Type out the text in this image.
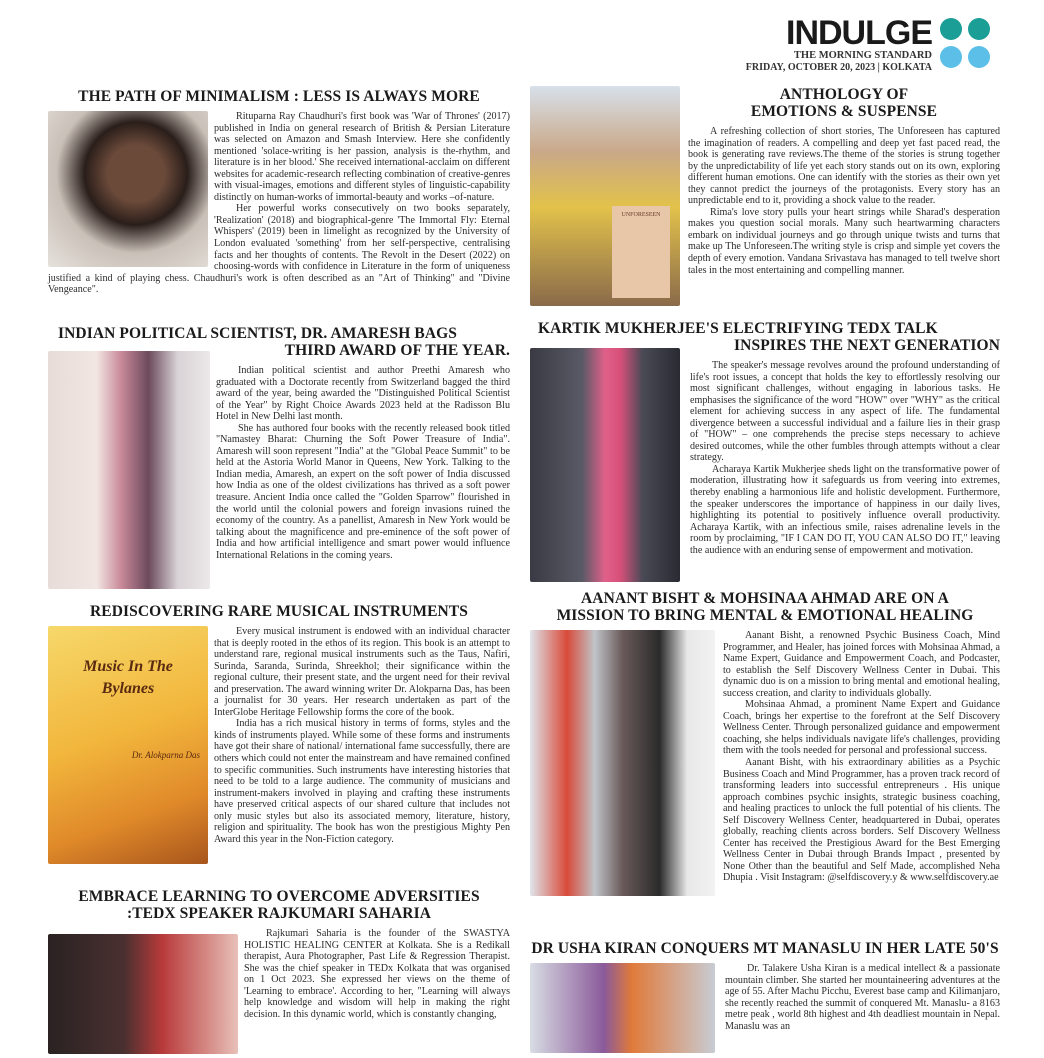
INDULGE
THE MORNING STANDARD
FRIDAY, OCTOBER 20, 2023 | KOLKATA
THE PATH OF MINIMALISM : LESS IS ALWAYS MORE

Rituparna Ray Chaudhuri's first book was 'War of Thrones' (2017) published in India on general research of British & Persian Literature was selected on Amazon and Smash Interview. Here she confidently mentioned 'solace-writing is her passion, analysis is the-rhythm, and literature is in her blood.' She received international-acclaim on different websites for academic-research reflecting combination of creative-genres with visual-images, emotions and different styles of linguistic-capability distinctly on human-works of immortal-beauty and works –of-nature.

Her powerful works consecutively on two books separately, 'Realization' (2018) and biographical-genre 'The Immortal Fly: Eternal Whispers' (2019) been in limelight as recognized by the University of London evaluated 'something' from her self-perspective, centralising facts and her thoughts of contents. The Revolt in the Desert (2022) on choosing-words with confidence in Literature in the form of uniqueness justified a kind of playing chess. Chaudhuri's work is often described as an "Art of Thinking" and "Divine Vengeance".

INDIAN POLITICAL SCIENTIST, DR. AMARESH BAGS
THIRD AWARD OF THE YEAR.

Indian political scientist and author Preethi Amaresh who graduated with a Doctorate recently from Switzerland bagged the third award of the year, being awarded the "Distinguished Political Scientist of the Year" by Right Choice Awards 2023 held at the Radisson Blu Hotel in New Delhi last month.

She has authored four books with the recently released book titled "Namastey Bharat: Churning the Soft Power Treasure of India". Amaresh will soon represent "India" at the "Global Peace Summit" to be held at the Astoria World Manor in Queens, New York. Talking to the Indian media, Amaresh, an expert on the soft power of India discussed how India as one of the oldest civilizations has thrived as a soft power treasure. Ancient India once called the "Golden Sparrow" flourished in the world until the colonial powers and foreign invasions ruined the economy of the country. As a panellist, Amaresh in New York would be talking about the magnificence and pre-eminence of the soft power of India and how artificial intelligence and smart power would influence International Relations in the coming years.

REDISCOVERING RARE MUSICAL INSTRUMENTS
Music In The
Bylanes
Dr. Alokparna Das

Every musical instrument is endowed with an individual character that is deeply rooted in the ethos of its region. This book is an attempt to understand rare, regional musical instruments such as the Taus, Nafiri, Surinda, Saranda, Surinda, Shreekhol; their significance within the regional culture, their present state, and the urgent need for their revival and preservation. The award winning writer Dr. Alokparna Das, has been a journalist for 30 years. Her research undertaken as part of the InterGlobe Heritage Fellowship forms the core of the book.

India has a rich musical history in terms of forms, styles and the kinds of instruments played. While some of these forms and instruments have got their share of national/ international fame successfully, there are others which could not enter the mainstream and have remained confined to specific communities. Such instruments have interesting histories that need to be told to a large audience. The community of musicians and instrument-makers involved in playing and crafting these instruments have preserved critical aspects of our shared culture that includes not only music styles but also its associated memory, literature, history, religion and spirituality. The book has won the prestigious Mighty Pen Award this year in the Non-Fiction category.

EMBRACE LEARNING TO OVERCOME ADVERSITIES
:TEDX SPEAKER RAJKUMARI SAHARIA

Rajkumari Saharia is the founder of the SWASTYA HOLISTIC HEALING CENTER at Kolkata. She is a Redikall therapist, Aura Photographer, Past Life & Regression Therapist. She was the chief speaker in TEDx Kolkata that was organised on 1 Oct 2023. She expressed her views on the theme of 'Learning to embrace'. According to her, "Learning will always help knowledge and wisdom will help in making the right decision. In this dynamic world, which is constantly changing,

UNFORESEEN
ANTHOLOGY OF
EMOTIONS & SUSPENSE

A refreshing collection of short stories, The Unforeseen has captured the imagination of readers. A compelling and deep yet fast paced read, the book is generating rave reviews.The theme of the stories is strung together by the unpredictability of life yet each story stands out on its own, exploring different human emotions. One can identify with the stories as their own yet they cannot predict the journeys of the protagonists. Every story has an unpredictable end to it, providing a shock value to the reader.

Rima's love story pulls your heart strings while Sharad's desperation makes you question social morals. Many such heartwarming characters embark on individual journeys and go through unique twists and turns that make up The Unforeseen.The writing style is crisp and simple yet covers the depth of every emotion. Vandana Srivastava has managed to tell twelve short tales in the most entertaining and compelling manner.

KARTIK MUKHERJEE'S ELECTRIFYING TEDX TALK
INSPIRES THE NEXT GENERATION

The speaker's message revolves around the profound understanding of life's root issues, a concept that holds the key to effortlessly resolving our most significant challenges, without engaging in laborious tasks. He emphasises the significance of the word "HOW" over "WHY" as the critical element for achieving success in any aspect of life. The fundamental divergence between a successful individual and a failure lies in their grasp of "HOW" – one comprehends the precise steps necessary to achieve desired outcomes, while the other fumbles through attempts without a clear strategy.

Acharaya Kartik Mukherjee sheds light on the transformative power of moderation, illustrating how it safeguards us from veering into extremes, thereby enabling a harmonious life and holistic development. Furthermore, the speaker underscores the importance of happiness in our daily lives, highlighting its potential to positively influence overall productivity. Acharaya Kartik, with an infectious smile, raises adrenaline levels in the room by proclaiming, "IF I CAN DO IT, YOU CAN ALSO DO IT," leaving the audience with an enduring sense of empowerment and motivation.

AANANT BISHT & MOHSINAA AHMAD ARE ON A
MISSION TO BRING MENTAL & EMOTIONAL HEALING

Aanant Bisht, a renowned Psychic Business Coach, Mind Programmer, and Healer, has joined forces with Mohsinaa Ahmad, a Name Expert, Guidance and Empowerment Coach, and Podcaster, to establish the Self Discovery Wellness Center in Dubai. This dynamic duo is on a mission to bring mental and emotional healing, success creation, and clarity to individuals globally.

Mohsinaa Ahmad, a prominent Name Expert and Guidance Coach, brings her expertise to the forefront at the Self Discovery Wellness Center. Through personalized guidance and empowerment coaching, she helps individuals navigate life's challenges, providing them with the tools needed for personal and professional success.

Aanant Bisht, with his extraordinary abilities as a Psychic Business Coach and Mind Programmer, has a proven track record of transforming leaders into successful entrepreneurs . His unique approach combines psychic insights, strategic business coaching, and healing practices to unlock the full potential of his clients. The Self Discovery Wellness Center, headquartered in Dubai, operates globally, reaching clients across borders. Self Discovery Wellness Center has received the Prestigious Award for the Best Emerging Wellness Center in Dubai through Brands Impact , presented by None Other than the beautiful and Self Made, accomplished Neha Dhupia . Visit Instagram: @selfdiscovery.y & www.selfdiscovery.ae

DR USHA KIRAN CONQUERS MT MANASLU IN HER LATE 50'S

Dr. Talakere Usha Kiran is a medical intellect & a passionate mountain climber. She started her mountaineering adventures at the age of 55. After Machu Picchu, Everest base camp and Kilimanjaro, she recently reached the summit of conquered Mt. Manaslu- a 8163 metre peak , world 8th highest and 4th deadliest mountain in Nepal. Manaslu was an
